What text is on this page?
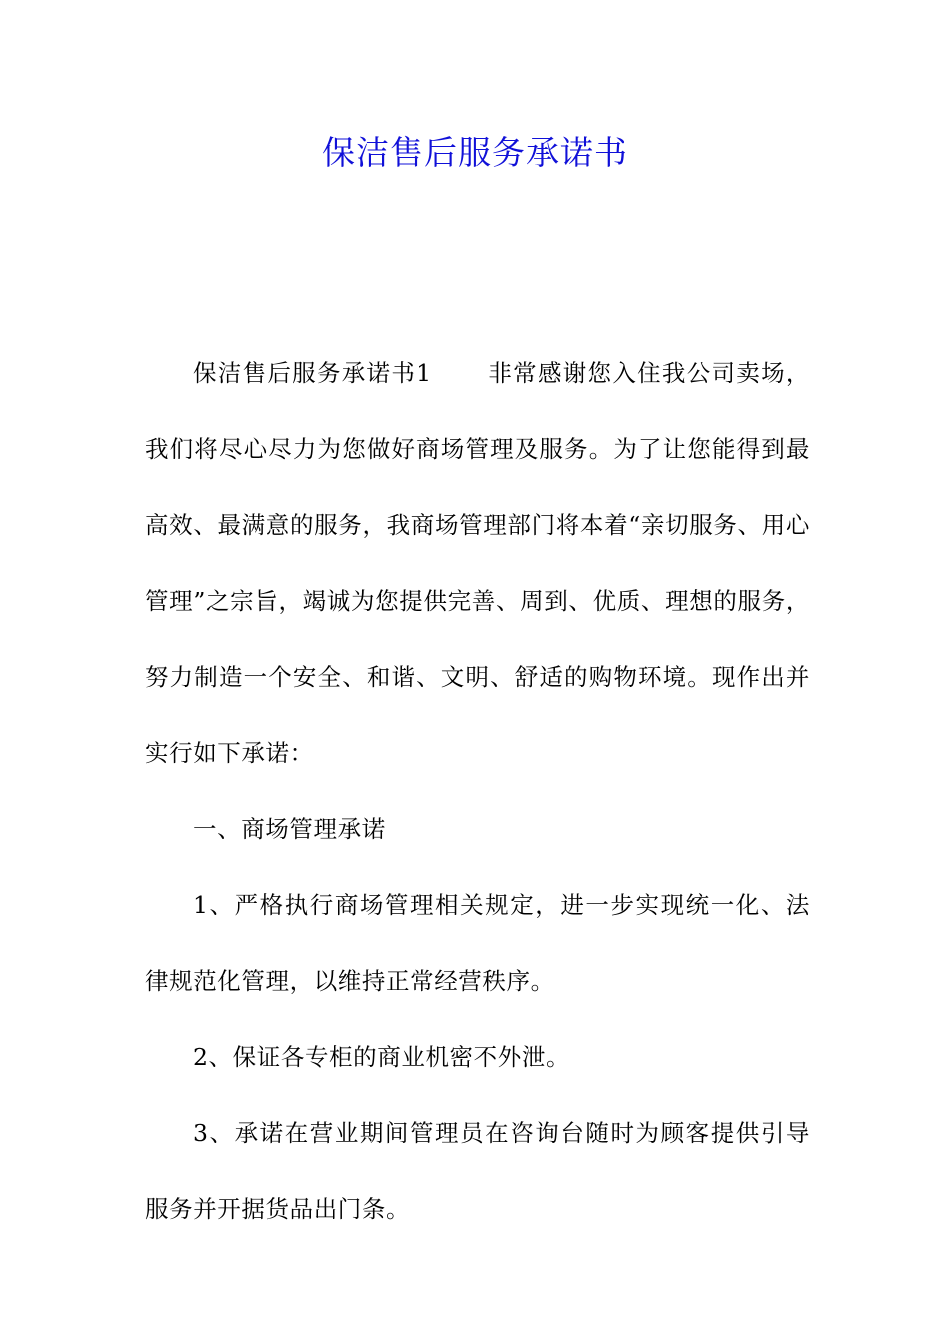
保洁售后服务承诺书

保洁售后服务承诺书1 非常感谢您入住我公司卖场，我们将尽心尽力为您做好商场管理及服务。为了让您能得到最高效、最满意的服务，我商场管理部门将本着“亲切服务、用心管理”之宗旨，竭诚为您提供完善、周到、优质、理想的服务，努力制造一个安全、和谐、文明、舒适的购物环境。现作出并实行如下承诺：

一、商场管理承诺

1、严格执行商场管理相关规定，进一步实现统一化、法律规范化管理，以维持正常经营秩序。

2、保证各专柜的商业机密不外泄。

3、承诺在营业期间管理员在咨询台随时为顾客提供引导服务并开据货品出门条。
